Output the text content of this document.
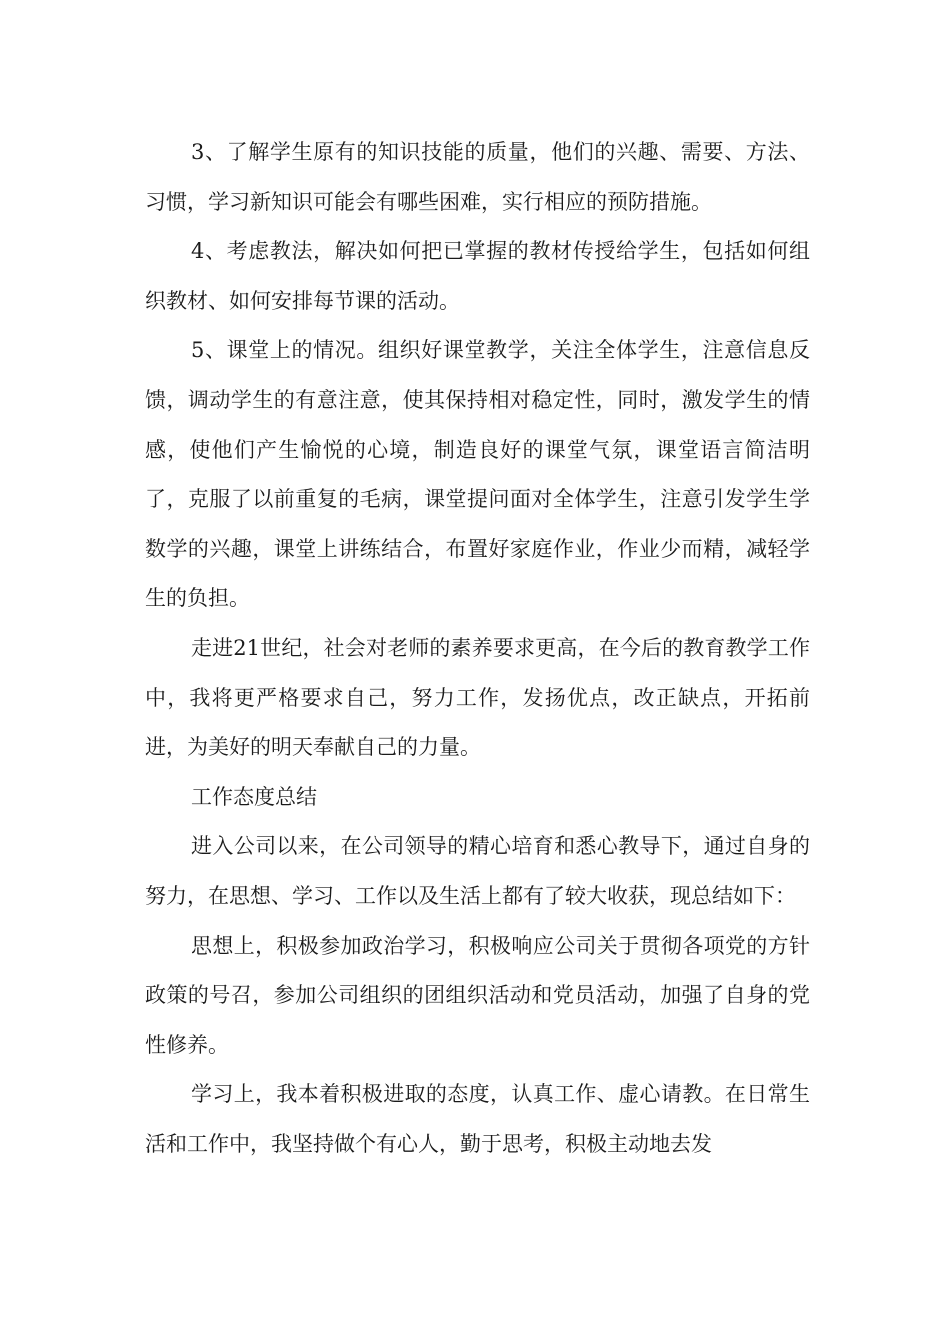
3、了解学生原有的知识技能的质量，他们的兴趣、需要、方法、习惯，学习新知识可能会有哪些困难，实行相应的预防措施。

4、考虑教法，解决如何把已掌握的教材传授给学生，包括如何组织教材、如何安排每节课的活动。

5、课堂上的情况。组织好课堂教学，关注全体学生，注意信息反馈，调动学生的有意注意，使其保持相对稳定性，同时，激发学生的情感，使他们产生愉悦的心境，制造良好的课堂气氛，课堂语言简洁明了，克服了以前重复的毛病，课堂提问面对全体学生，注意引发学生学数学的兴趣，课堂上讲练结合，布置好家庭作业，作业少而精，减轻学生的负担。

走进21世纪，社会对老师的素养要求更高，在今后的教育教学工作中，我将更严格要求自己，努力工作，发扬优点，改正缺点，开拓前进，为美好的明天奉献自己的力量。

工作态度总结

进入公司以来，在公司领导的精心培育和悉心教导下，通过自身的努力，在思想、学习、工作以及生活上都有了较大收获，现总结如下：

思想上，积极参加政治学习，积极响应公司关于贯彻各项党的方针政策的号召，参加公司组织的团组织活动和党员活动，加强了自身的党性修养。

学习上，我本着积极进取的态度，认真工作、虚心请教。在日常生活和工作中，我坚持做个有心人，勤于思考，积极主动地去发
